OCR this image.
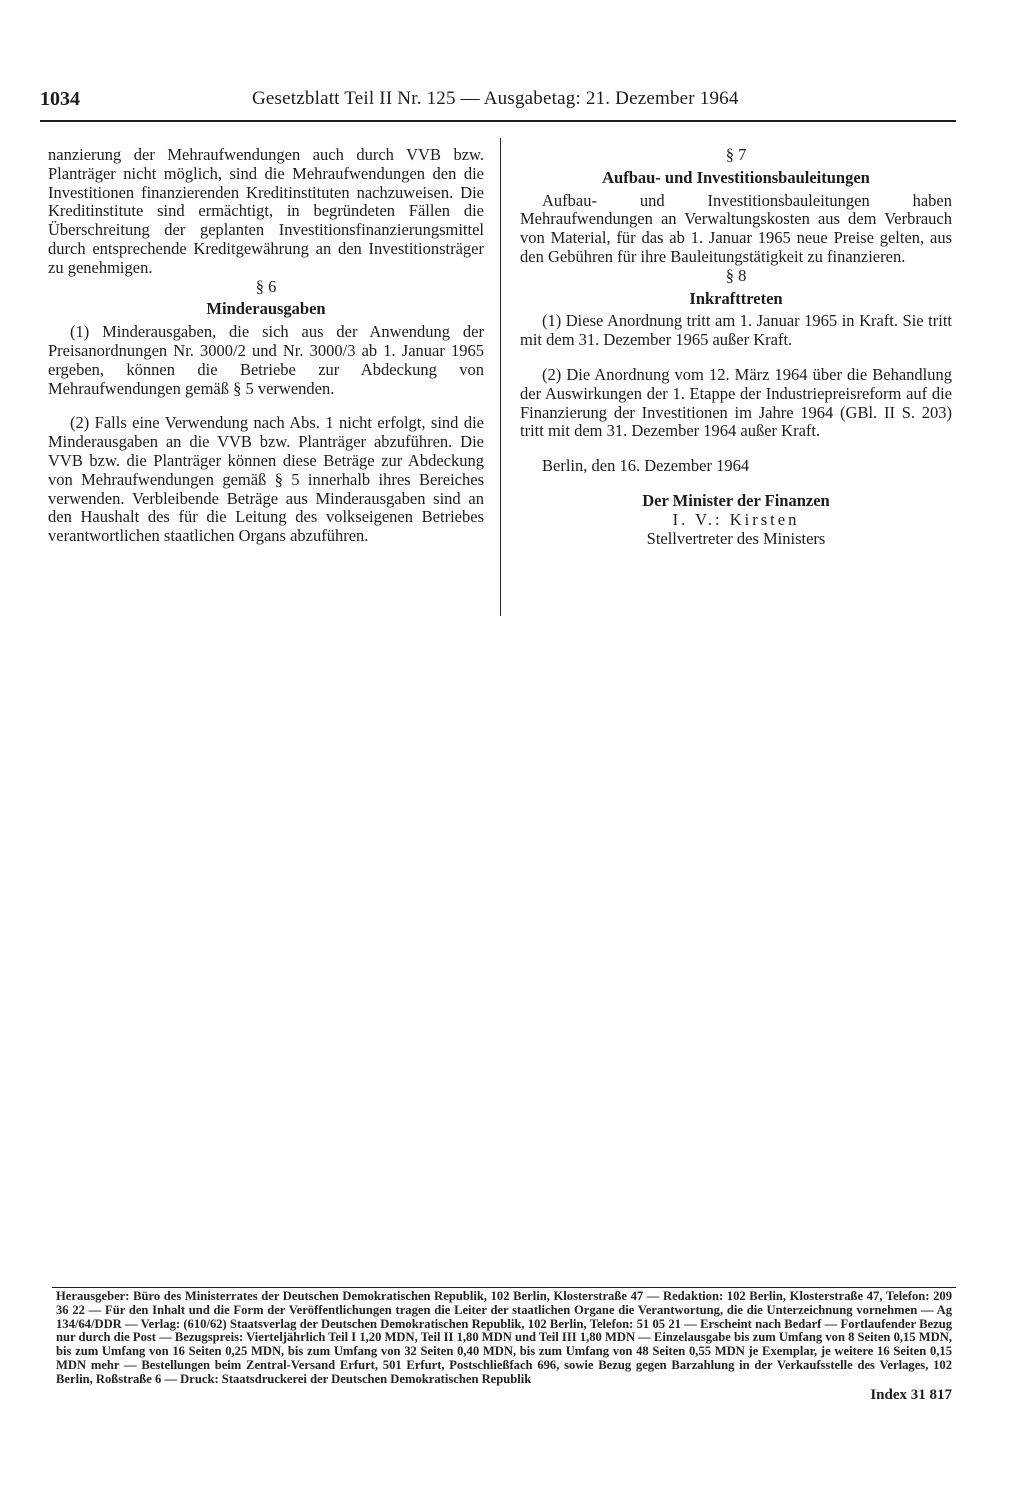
1034	Gesetzblatt Teil II Nr. 125 — Ausgabetag: 21. Dezember 1964

nanzierung der Mehraufwendungen auch durch VVB bzw. Planträger nicht möglich, sind die Mehraufwendungen den die Investitionen finanzierenden Kreditinstituten nachzuweisen. Die Kreditinstitute sind ermächtigt, in begründeten Fällen die Überschreitung der geplanten Investitionsfinanzierungsmittel durch entsprechende Kreditgewährung an den Investitionsträger zu genehmigen.

§ 6

Minderausgaben

(1) Minderausgaben, die sich aus der Anwendung der Preisanordnungen Nr. 3000/2 und Nr. 3000/3 ab 1. Januar 1965 ergeben, können die Betriebe zur Abdeckung von Mehraufwendungen gemäß § 5 verwenden.

(2) Falls eine Verwendung nach Abs. 1 nicht erfolgt, sind die Minderausgaben an die VVB bzw. Planträger abzuführen. Die VVB bzw. die Planträger können diese Beträge zur Abdeckung von Mehraufwendungen gemäß § 5 innerhalb ihres Bereiches verwenden. Verbleibende Beträge aus Minderausgaben sind an den Haushalt des für die Leitung des volkseigenen Betriebes verantwortlichen staatlichen Organs abzuführen.

§ 7

Aufbau- und Investitionsbauleitungen

Aufbau- und Investitionsbauleitungen haben Mehraufwendungen an Verwaltungskosten aus dem Verbrauch von Material, für das ab 1. Januar 1965 neue Preise gelten, aus den Gebühren für ihre Bauleitungstätigkeit zu finanzieren.

§ 8

Inkrafttreten

(1) Diese Anordnung tritt am 1. Januar 1965 in Kraft. Sie tritt mit dem 31. Dezember 1965 außer Kraft.

(2) Die Anordnung vom 12. März 1964 über die Behandlung der Auswirkungen der 1. Etappe der Industriepreisreform auf die Finanzierung der Investitionen im Jahre 1964 (GBl. II S. 203) tritt mit dem 31. Dezember 1964 außer Kraft.

Berlin, den 16. Dezember 1964

Der Minister der Finanzen

I. V.: Kirsten

Stellvertreter des Ministers

Herausgeber: Büro des Ministerrates der Deutschen Demokratischen Republik, 102 Berlin, Klosterstraße 47 — Redaktion: 102 Berlin, Klosterstraße 47, Telefon: 209 36 22 — Für den Inhalt und die Form der Veröffentlichungen tragen die Leiter der staatlichen Organe die Verantwortung, die die Unterzeichnung vornehmen — Ag 134/64/DDR — Verlag: (610/62) Staatsverlag der Deutschen Demokratischen Republik, 102 Berlin, Telefon: 51 05 21 — Erscheint nach Bedarf — Fortlaufender Bezug nur durch die Post — Bezugspreis: Vierteljährlich Teil I 1,20 MDN, Teil II 1,80 MDN und Teil III 1,80 MDN — Einzelausgabe bis zum Umfang von 8 Seiten 0,15 MDN, bis zum Umfang von 16 Seiten 0,25 MDN, bis zum Umfang von 32 Seiten 0,40 MDN, bis zum Umfang von 48 Seiten 0,55 MDN je Exemplar, je weitere 16 Seiten 0,15 MDN mehr — Bestellungen beim Zentral-Versand Erfurt, 501 Erfurt, Postschließfach 696, sowie Bezug gegen Barzahlung in der Verkaufsstelle des Verlages, 102 Berlin, Roßstraße 6 — Druck: Staatsdruckerei der Deutschen Demokratischen Republik
Index 31 817
